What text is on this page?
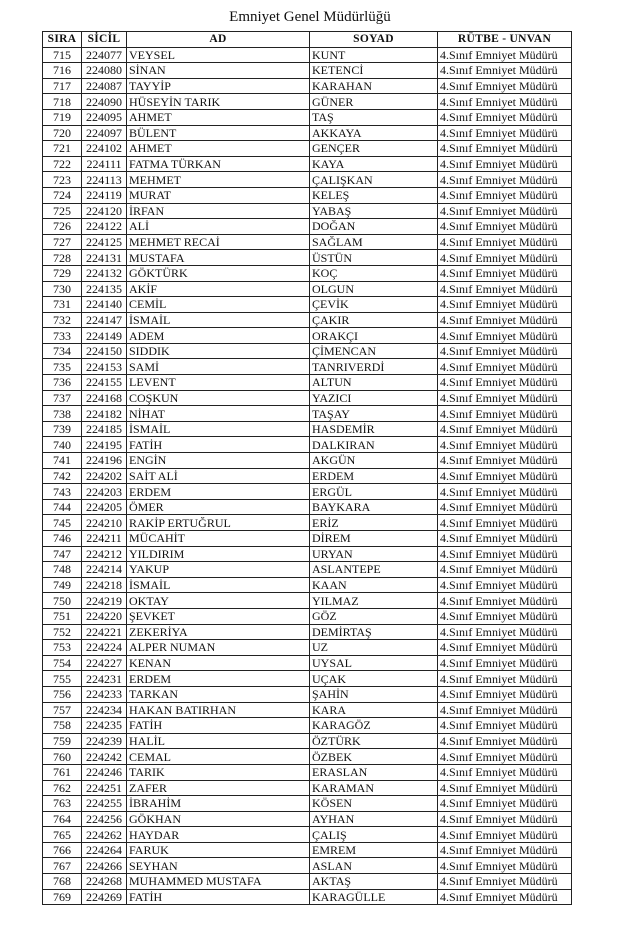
Emniyet Genel Müdürlüğü
SIRA	SİCİL	AD	SOYAD	RÜTBE - UNVAN
715	224077	VEYSEL	KUNT	4.Sınıf Emniyet Müdürü
716	224080	SİNAN	KETENCİ	4.Sınıf Emniyet Müdürü
717	224087	TAYYİP	KARAHAN	4.Sınıf Emniyet Müdürü
718	224090	HÜSEYİN TARIK	GÜNER	4.Sınıf Emniyet Müdürü
719	224095	AHMET	TAŞ	4.Sınıf Emniyet Müdürü
720	224097	BÜLENT	AKKAYA	4.Sınıf Emniyet Müdürü
721	224102	AHMET	GENÇER	4.Sınıf Emniyet Müdürü
722	224111	FATMA TÜRKAN	KAYA	4.Sınıf Emniyet Müdürü
723	224113	MEHMET	ÇALIŞKAN	4.Sınıf Emniyet Müdürü
724	224119	MURAT	KELEŞ	4.Sınıf Emniyet Müdürü
725	224120	İRFAN	YABAŞ	4.Sınıf Emniyet Müdürü
726	224122	ALİ	DOĞAN	4.Sınıf Emniyet Müdürü
727	224125	MEHMET RECAİ	SAĞLAM	4.Sınıf Emniyet Müdürü
728	224131	MUSTAFA	ÜSTÜN	4.Sınıf Emniyet Müdürü
729	224132	GÖKTÜRK	KOÇ	4.Sınıf Emniyet Müdürü
730	224135	AKİF	OLGUN	4.Sınıf Emniyet Müdürü
731	224140	CEMİL	ÇEVİK	4.Sınıf Emniyet Müdürü
732	224147	İSMAİL	ÇAKIR	4.Sınıf Emniyet Müdürü
733	224149	ADEM	ORAKÇI	4.Sınıf Emniyet Müdürü
734	224150	SIDDIK	ÇİMENCAN	4.Sınıf Emniyet Müdürü
735	224153	SAMİ	TANRIVERDİ	4.Sınıf Emniyet Müdürü
736	224155	LEVENT	ALTUN	4.Sınıf Emniyet Müdürü
737	224168	COŞKUN	YAZICI	4.Sınıf Emniyet Müdürü
738	224182	NİHAT	TAŞAY	4.Sınıf Emniyet Müdürü
739	224185	İSMAİL	HASDEMİR	4.Sınıf Emniyet Müdürü
740	224195	FATİH	DALKIRAN	4.Sınıf Emniyet Müdürü
741	224196	ENGİN	AKGÜN	4.Sınıf Emniyet Müdürü
742	224202	SAİT ALİ	ERDEM	4.Sınıf Emniyet Müdürü
743	224203	ERDEM	ERGÜL	4.Sınıf Emniyet Müdürü
744	224205	ÖMER	BAYKARA	4.Sınıf Emniyet Müdürü
745	224210	RAKİP ERTUĞRUL	ERİZ	4.Sınıf Emniyet Müdürü
746	224211	MÜCAHİT	DİREM	4.Sınıf Emniyet Müdürü
747	224212	YILDIRIM	URYAN	4.Sınıf Emniyet Müdürü
748	224214	YAKUP	ASLANTEPE	4.Sınıf Emniyet Müdürü
749	224218	İSMAİL	KAAN	4.Sınıf Emniyet Müdürü
750	224219	OKTAY	YILMAZ	4.Sınıf Emniyet Müdürü
751	224220	ŞEVKET	GÖZ	4.Sınıf Emniyet Müdürü
752	224221	ZEKERİYA	DEMİRTAŞ	4.Sınıf Emniyet Müdürü
753	224224	ALPER NUMAN	UZ	4.Sınıf Emniyet Müdürü
754	224227	KENAN	UYSAL	4.Sınıf Emniyet Müdürü
755	224231	ERDEM	UÇAK	4.Sınıf Emniyet Müdürü
756	224233	TARKAN	ŞAHİN	4.Sınıf Emniyet Müdürü
757	224234	HAKAN BATIRHAN	KARA	4.Sınıf Emniyet Müdürü
758	224235	FATİH	KARAGÖZ	4.Sınıf Emniyet Müdürü
759	224239	HALİL	ÖZTÜRK	4.Sınıf Emniyet Müdürü
760	224242	CEMAL	ÖZBEK	4.Sınıf Emniyet Müdürü
761	224246	TARIK	ERASLAN	4.Sınıf Emniyet Müdürü
762	224251	ZAFER	KARAMAN	4.Sınıf Emniyet Müdürü
763	224255	İBRAHİM	KÖSEN	4.Sınıf Emniyet Müdürü
764	224256	GÖKHAN	AYHAN	4.Sınıf Emniyet Müdürü
765	224262	HAYDAR	ÇALIŞ	4.Sınıf Emniyet Müdürü
766	224264	FARUK	EMREM	4.Sınıf Emniyet Müdürü
767	224266	SEYHAN	ASLAN	4.Sınıf Emniyet Müdürü
768	224268	MUHAMMED MUSTAFA	AKTAŞ	4.Sınıf Emniyet Müdürü
769	224269	FATİH	KARAGÜLLE	4.Sınıf Emniyet Müdürü
